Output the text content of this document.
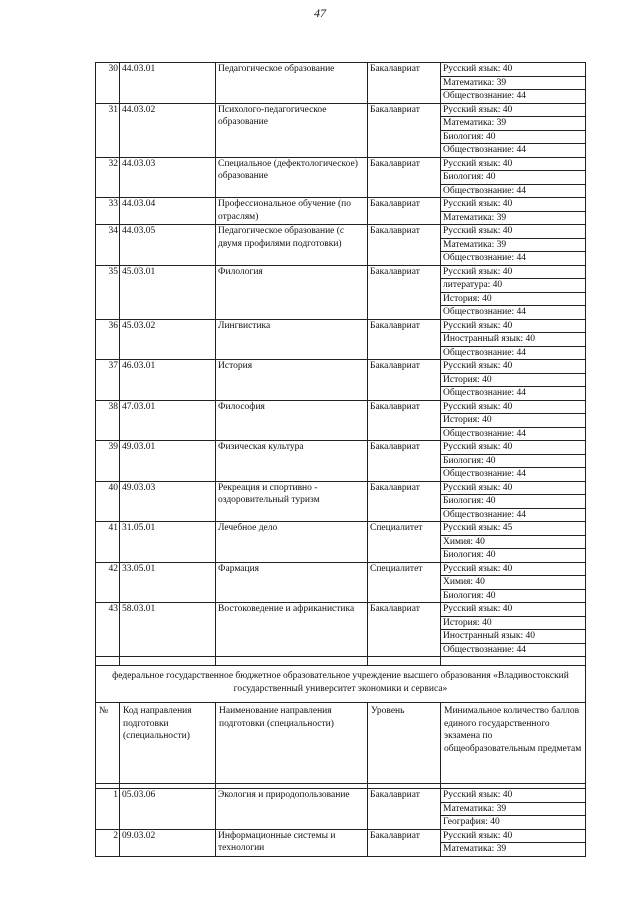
47
30	44.03.01	Педагогическое образование	Бакалавриат	Русский язык: 40
				Математика: 39
				Обществознание: 44
31	44.03.02	Психолого-педагогическое образование	Бакалавриат	Русский язык: 40
				Математика: 39
				Биология: 40
				Обществознание: 44
32	44.03.03	Специальное (дефектологическое) образование	Бакалавриат	Русский язык: 40
				Биология: 40
				Обществознание: 44
33	44.03.04	Профессиональное обучение (по отраслям)	Бакалавриат	Русский язык: 40
				Математика: 39
34	44.03.05	Педагогическое образование (с двумя профилями подготовки)	Бакалавриат	Русский язык: 40
				Математика: 39
				Обществознание: 44
35	45.03.01	Филология	Бакалавриат	Русский язык: 40
				литература: 40
				История: 40
				Обществознание: 44
36	45.03.02	Лингвистика	Бакалавриат	Русский язык: 40
				Иностранный язык: 40
				Обществознание: 44
37	46.03.01	История	Бакалавриат	Русский язык: 40
				История: 40
				Обществознание: 44
38	47.03.01	Философия	Бакалавриат	Русский язык: 40
				История: 40
				Обществознание: 44
39	49.03.01	Физическая культура	Бакалавриат	Русский язык: 40
				Биология: 40
				Обществознание: 44
40	49.03.03	Рекреация и спортивно - оздоровительный туризм	Бакалавриат	Русский язык: 40
				Биология: 40
				Обществознание: 44
41	31.05.01	Лечебное дело	Специалитет	Русский язык: 45
				Химия: 40
				Биология: 40
42	33.05.01	Фармация	Специалитет	Русский язык: 40
				Химия: 40
				Биология: 40
43	58.03.01	Востоковедение и африканистика	Бакалавриат	Русский язык: 40
				История: 40
				Иностранный язык: 40
				Обществознание: 44

федеральное государственное бюджетное образовательное учреждение высшего образования «Владивостокский государственный университет экономики и сервиса»				
№	Код направления подготовки (специальности)	Наименование направления подготовки (специальности)	Уровень	Минимальное количество баллов единого государственного экзамена по общеобразовательным предметам

1	05.03.06	Экология и природопользование	Бакалавриат	Русский язык: 40
				Математика: 39
				География: 40
2	09.03.02	Информационные системы и технологии	Бакалавриат	Русский язык: 40
				Математика: 39
